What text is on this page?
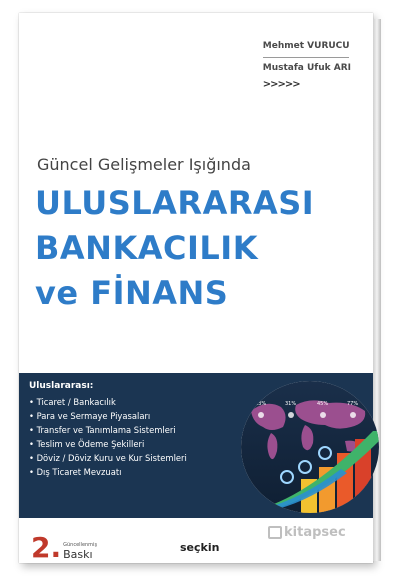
Mehmet VURUCU
Mustafa Ufuk ARI
>>>>>
Güncel Gelişmeler Işığında
ULUSLARARASI
BANKACILIK
ve FİNANS
Uluslararası:
• Ticaret / Bankacılık
• Para ve Sermaye Piyasaları
• Transfer ve Tanımlama Sistemleri
• Teslim ve Ödeme Şekilleri
• Döviz / Döviz Kuru ve Kur Sistemleri
• Dış Ticaret Mevzuatı
13%	31%	45%	77%
2. Güncellenmiş
Baskı
seçkin
kitapsec
